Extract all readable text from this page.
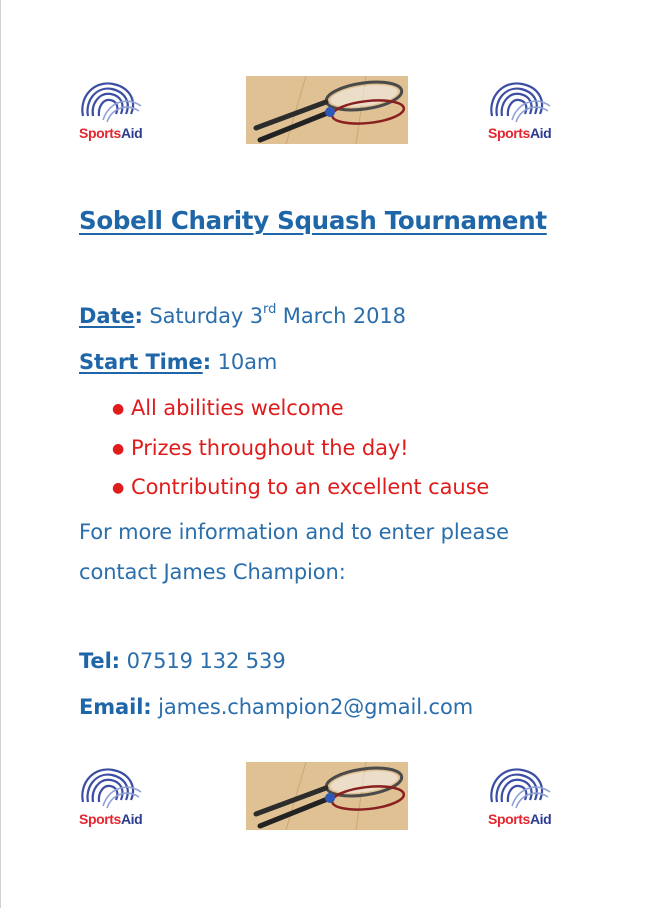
SportsAid	SportsAid
Sobell Charity Squash Tournament
Date: Saturday 3rd March 2018
Start Time: 10am
● All abilities welcome
● Prizes throughout the day!
● Contributing to an excellent cause
For more information and to enter please
contact James Champion:
Tel: 07519 132 539
Email: james.champion2@gmail.com
SportsAid	SportsAid
